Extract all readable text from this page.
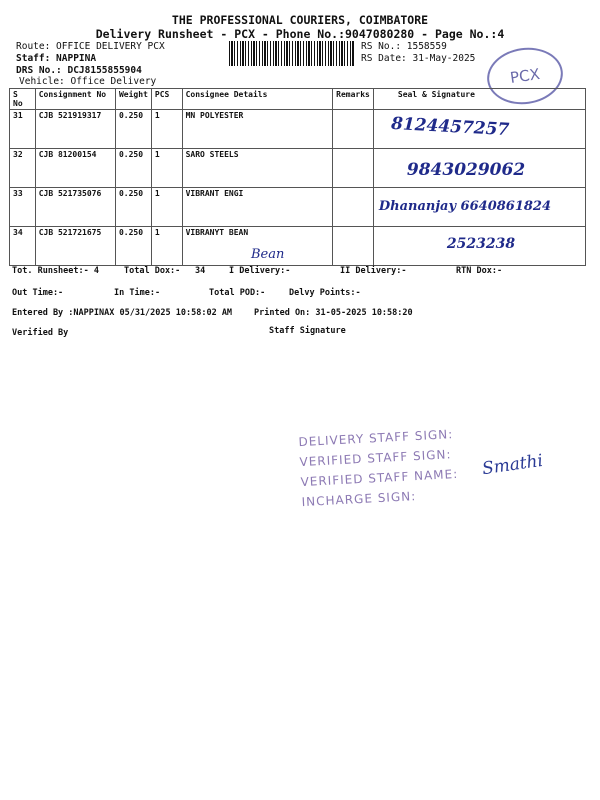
THE PROFESSIONAL COURIERS, COIMBATORE
Delivery Runsheet - PCX - Phone No.:9047080280 - Page No.:4
Route: OFFICE DELIVERY PCX
Staff: NAPPINA
DRS No.: DCJ8155855904
Vehicle: Office Delivery
RS No.: 1558559
RS Date: 31-May-2025
PCX
S No	Consignment No	Weight	PCS	Consignee Details	Remarks	Seal & Signature
31	CJB 521919317	0.250	1	MN POLYESTER		8124457257
32	CJB 81200154	0.250	1	SARO STEELS		9843029062
33	CJB 521735076	0.250	1	VIBRANT ENGI		Dhananjay 6640861824
34	CJB 521721675	0.250	1	VIBRANYT BEAN		2523238
Bean
Tot. Runsheet:- 4	Total Dox:- 34	I Delivery:-	II Delivery:-	RTN Dox:-
Out Time:-	In Time:-	Total POD:-	Delvy Points:-
Entered By :NAPPINAX 05/31/2025 10:58:02 AM	Printed On: 31-05-2025 10:58:20
Verified By	Staff Signature
DELIVERY STAFF SIGN:
VERIFIED STAFF SIGN:
VERIFIED STAFF NAME:
INCHARGE SIGN:
Smathi
